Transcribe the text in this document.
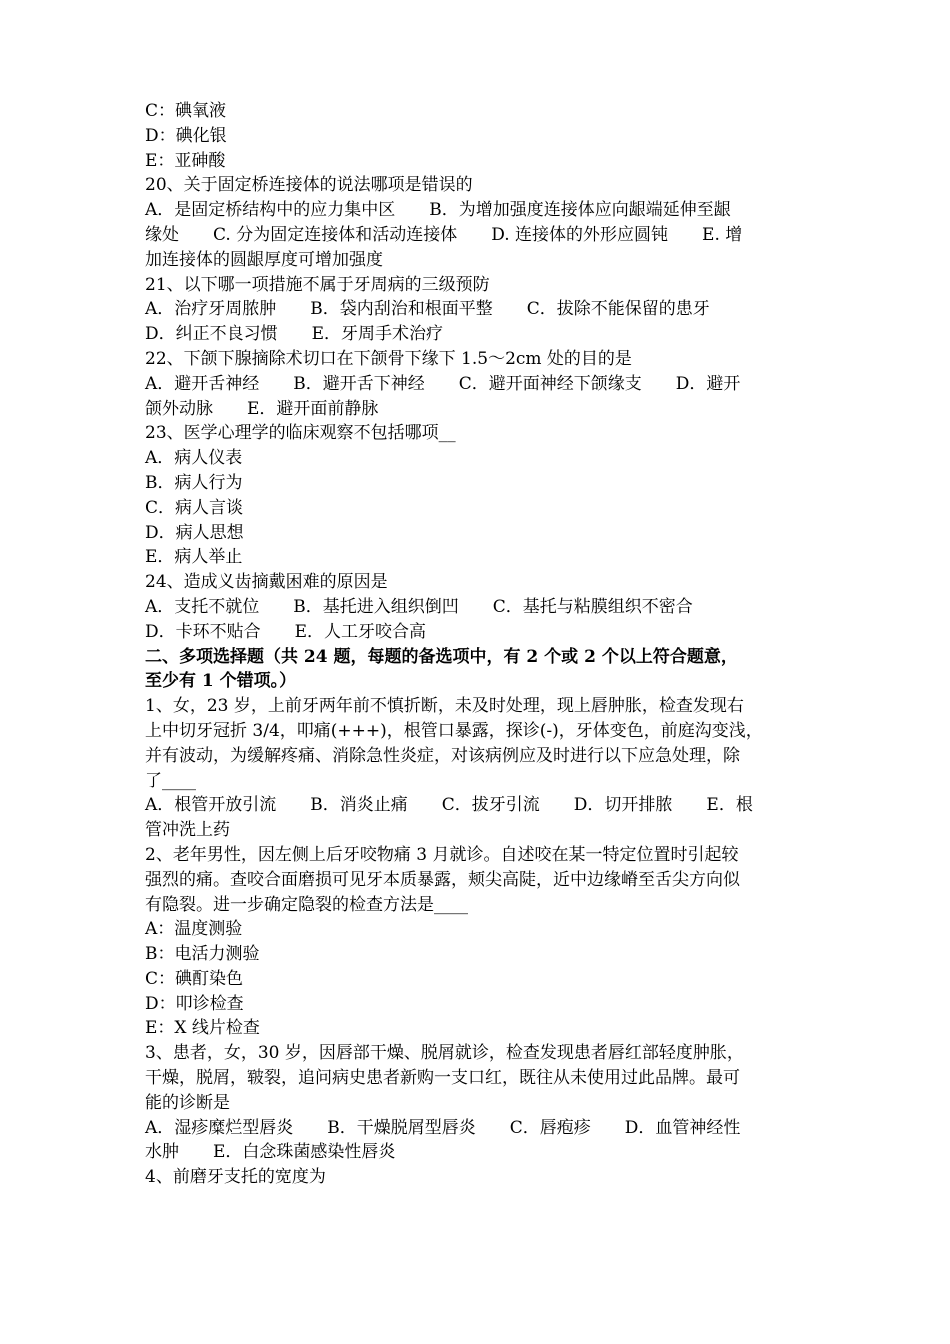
C：碘氧液

D：碘化银

E：亚砷酸

20、关于固定桥连接体的说法哪项是错误的

A．是固定桥结构中的应力集中区　　B．为增加强度连接体应向龈端延伸至龈

缘处　　C. 分为固定连接体和活动连接体　　D. 连接体的外形应圆钝　　E. 增

加连接体的圆龈厚度可增加强度

21、以下哪一项措施不属于牙周病的三级预防

A．治疗牙周脓肿　　B．袋内刮治和根面平整　　C．拔除不能保留的患牙

D．纠正不良习惯　　E．牙周手术治疗

22、下颌下腺摘除术切口在下颌骨下缘下 1.5～2cm 处的目的是

A．避开舌神经　　B．避开舌下神经　　C．避开面神经下颌缘支　　D．避开

颌外动脉　　E．避开面前静脉

23、医学心理学的临床观察不包括哪项__

A．病人仪表

B．病人行为

C．病人言谈

D．病人思想

E．病人举止

24、造成义齿摘戴困难的原因是

A．支托不就位　　B．基托进入组织倒凹　　C．基托与粘膜组织不密合

D．卡环不贴合　　E．人工牙咬合高

二、多项选择题（共 24 题，每题的备选项中，有 2 个或 2 个以上符合题意，

至少有 1 个错项。）

1、女，23 岁，上前牙两年前不慎折断，未及时处理，现上唇肿胀，检查发现右

上中切牙冠折 3/4，叩痛(+++)，根管口暴露，探诊(-)，牙体变色，前庭沟变浅，

并有波动，为缓解疼痛、消除急性炎症，对该病例应及时进行以下应急处理，除

了____

A．根管开放引流　　B．消炎止痛　　C．拔牙引流　　D．切开排脓　　E．根

管冲洗上药

2、老年男性，因左侧上后牙咬物痛 3 月就诊。自述咬在某一特定位置时引起较

强烈的痛。查咬合面磨损可见牙本质暴露，颊尖高陡，近中边缘嵴至舌尖方向似

有隐裂。进一步确定隐裂的检查方法是____

A：温度测验

B：电活力测验

C：碘酊染色

D：叩诊检查

E：X 线片检查

3、患者，女，30 岁，因唇部干燥、脱屑就诊，检查发现患者唇红部轻度肿胀，

干燥，脱屑，皲裂，追问病史患者新购一支口红，既往从未使用过此品牌。最可

能的诊断是

A．湿疹糜烂型唇炎　　B．干燥脱屑型唇炎　　C．唇疱疹　　D．血管神经性

水肿　　E．白念珠菌感染性唇炎

4、前磨牙支托的宽度为
